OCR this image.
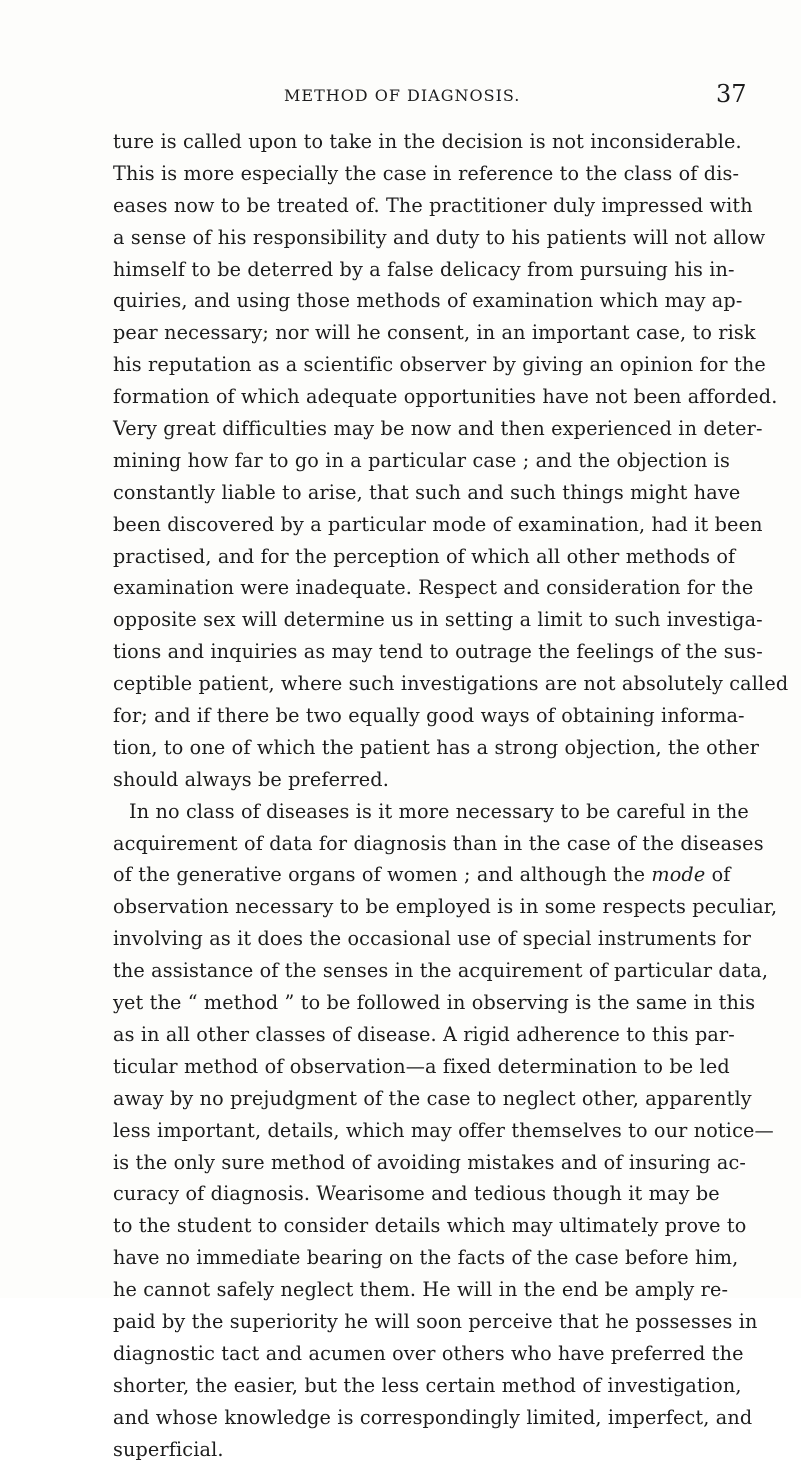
METHOD OF DIAGNOSIS.	37
ture is called upon to take in the decision is not inconsiderable.
This is more especially the case in reference to the class of dis-
eases now to be treated of. The practitioner duly impressed with
a sense of his responsibility and duty to his patients will not allow
himself to be deterred by a false delicacy from pursuing his in-
quiries, and using those methods of examination which may ap-
pear necessary; nor will he consent, in an important case, to risk
his reputation as a scientific observer by giving an opinion for the
formation of which adequate opportunities have not been afforded.
Very great difficulties may be now and then experienced in deter-
mining how far to go in a particular case ; and the objection is
constantly liable to arise, that such and such things might have
been discovered by a particular mode of examination, had it been
practised, and for the perception of which all other methods of
examination were inadequate. Respect and consideration for the
opposite sex will determine us in setting a limit to such investiga-
tions and inquiries as may tend to outrage the feelings of the sus-
ceptible patient, where such investigations are not absolutely called
for; and if there be two equally good ways of obtaining informa-
tion, to one of which the patient has a strong objection, the other
should always be preferred.
In no class of diseases is it more necessary to be careful in the
acquirement of data for diagnosis than in the case of the diseases
of the generative organs of women ; and although the mode of
observation necessary to be employed is in some respects peculiar,
involving as it does the occasional use of special instruments for
the assistance of the senses in the acquirement of particular data,
yet the “ method ” to be followed in observing is the same in this
as in all other classes of disease. A rigid adherence to this par-
ticular method of observation—a fixed determination to be led
away by no prejudgment of the case to neglect other, apparently
less important, details, which may offer themselves to our notice—
is the only sure method of avoiding mistakes and of insuring ac-
curacy of diagnosis. Wearisome and tedious though it may be
to the student to consider details which may ultimately prove to
have no immediate bearing on the facts of the case before him,
he cannot safely neglect them. He will in the end be amply re-
paid by the superiority he will soon perceive that he possesses in
diagnostic tact and acumen over others who have preferred the
shorter, the easier, but the less certain method of investigation,
and whose knowledge is correspondingly limited, imperfect, and
superficial.
